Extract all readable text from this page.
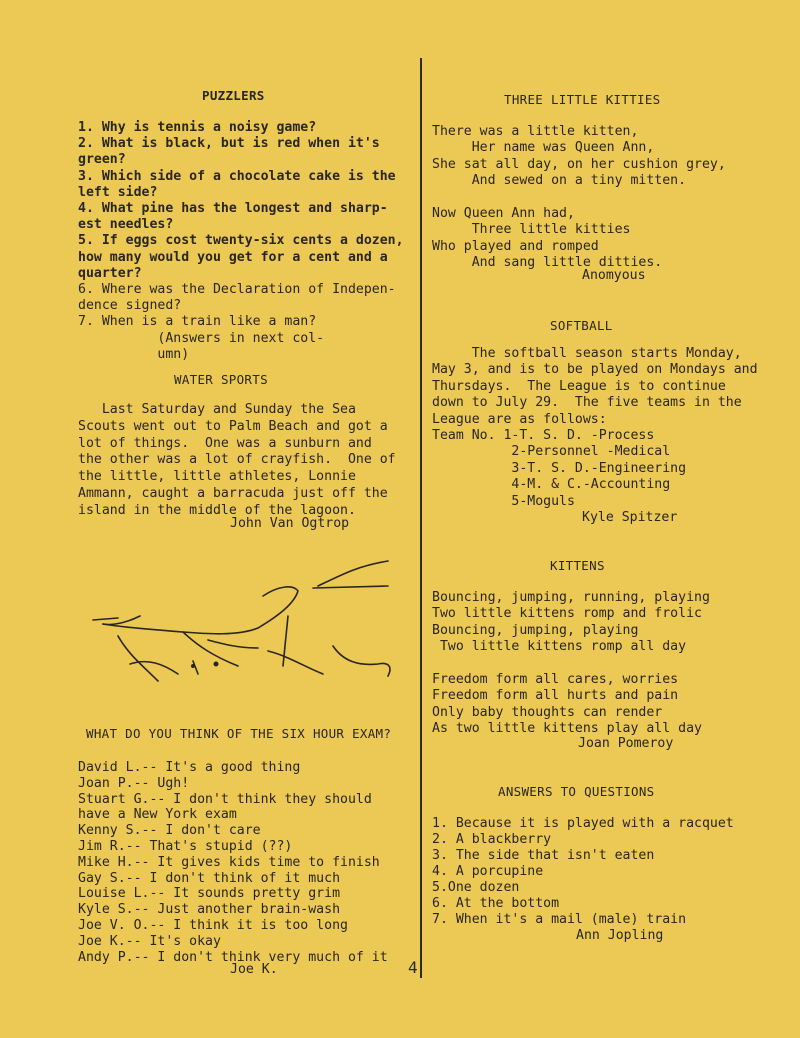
PUZZLERS
1. Why is tennis a noisy game?
2. What is black, but is red when it's
green?
3. Which side of a chocolate cake is the
left side?
4. What pine has the longest and sharp-
est needles?
5. If eggs cost twenty-six cents a dozen,
how many would you get for a cent and a
quarter?
6. Where was the Declaration of Indepen-
dence signed?
7. When is a train like a man?
(Answers in next col-
umn)
WATER SPORTS
Last Saturday and Sunday the Sea
Scouts went out to Palm Beach and got a
lot of things.  One was a sunburn and
the other was a lot of crayfish.  One of
the little, little athletes, Lonnie
Ammann, caught a barracuda just off the
island in the middle of the lagoon.
John Van Ogtrop
WHAT DO YOU THINK OF THE SIX HOUR EXAM?
David L.-- It's a good thing
Joan P.-- Ugh!
Stuart G.-- I don't think they should
have a New York exam
Kenny S.-- I don't care
Jim R.-- That's stupid (??)
Mike H.-- It gives kids time to finish
Gay S.-- I don't think of it much
Louise L.-- It sounds pretty grim
Kyle S.-- Just another brain-wash
Joe V. O.-- I think it is too long
Joe K.-- It's okay
Andy P.-- I don't think very much of it
Joe K.
THREE LITTLE KITTIES
There was a little kitten,
Her name was Queen Ann,
She sat all day, on her cushion grey,
And sewed on a tiny mitten.
Now Queen Ann had,
Three little kitties
Who played and romped
And sang little ditties.
Anomyous
SOFTBALL
The softball season starts Monday,
May 3, and is to be played on Mondays and
Thursdays.  The League is to continue
down to July 29.  The five teams in the
League are as follows:
Team No. 1-T. S. D. -Process
2-Personnel -Medical
3-T. S. D.-Engineering
4-M. & C.-Accounting
5-Moguls
Kyle Spitzer
KITTENS
Bouncing, jumping, running, playing
Two little kittens romp and frolic
Bouncing, jumping, playing
Two little kittens romp all day
Freedom form all cares, worries
Freedom form all hurts and pain
Only baby thoughts can render
As two little kittens play all day
Joan Pomeroy
ANSWERS TO QUESTIONS
1. Because it is played with a racquet
2. A blackberry
3. The side that isn't eaten
4. A porcupine
5.One dozen
6. At the bottom
7. When it's a mail (male) train
Ann Jopling
4
